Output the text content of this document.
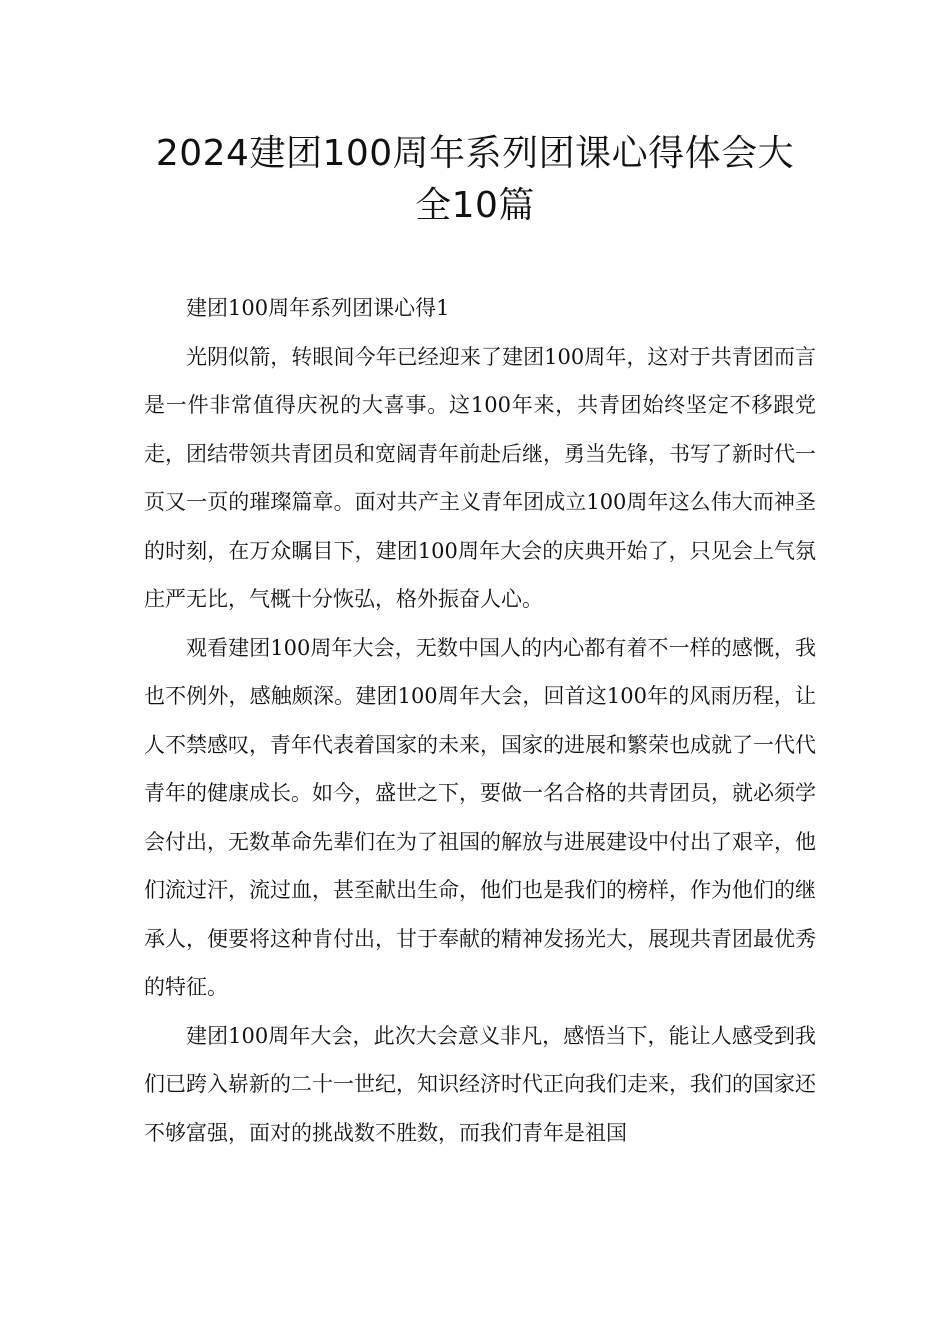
2024建团100周年系列团课心得体会大
全10篇

建团100周年系列团课心得1

光阴似箭，转眼间今年已经迎来了建团100周年，这对于共青团而言是一件非常值得庆祝的大喜事。这100年来，共青团始终坚定不移跟党走，团结带领共青团员和宽阔青年前赴后继，勇当先锋，书写了新时代一页又一页的璀璨篇章。面对共产主义青年团成立100周年这么伟大而神圣的时刻，在万众瞩目下，建团100周年大会的庆典开始了，只见会上气氛庄严无比，气概十分恢弘，格外振奋人心。

观看建团100周年大会，无数中国人的内心都有着不一样的感慨，我也不例外，感触颇深。建团100周年大会，回首这100年的风雨历程，让人不禁感叹，青年代表着国家的未来，国家的进展和繁荣也成就了一代代青年的健康成长。如今，盛世之下，要做一名合格的共青团员，就必须学会付出，无数革命先辈们在为了祖国的解放与进展建设中付出了艰辛，他们流过汗，流过血，甚至献出生命，他们也是我们的榜样，作为他们的继承人，便要将这种肯付出，甘于奉献的精神发扬光大，展现共青团最优秀的特征。

建团100周年大会，此次大会意义非凡，感悟当下，能让人感受到我们已跨入崭新的二十一世纪，知识经济时代正向我们走来，我们的国家还不够富强，面对的挑战数不胜数，而我们青年是祖国
